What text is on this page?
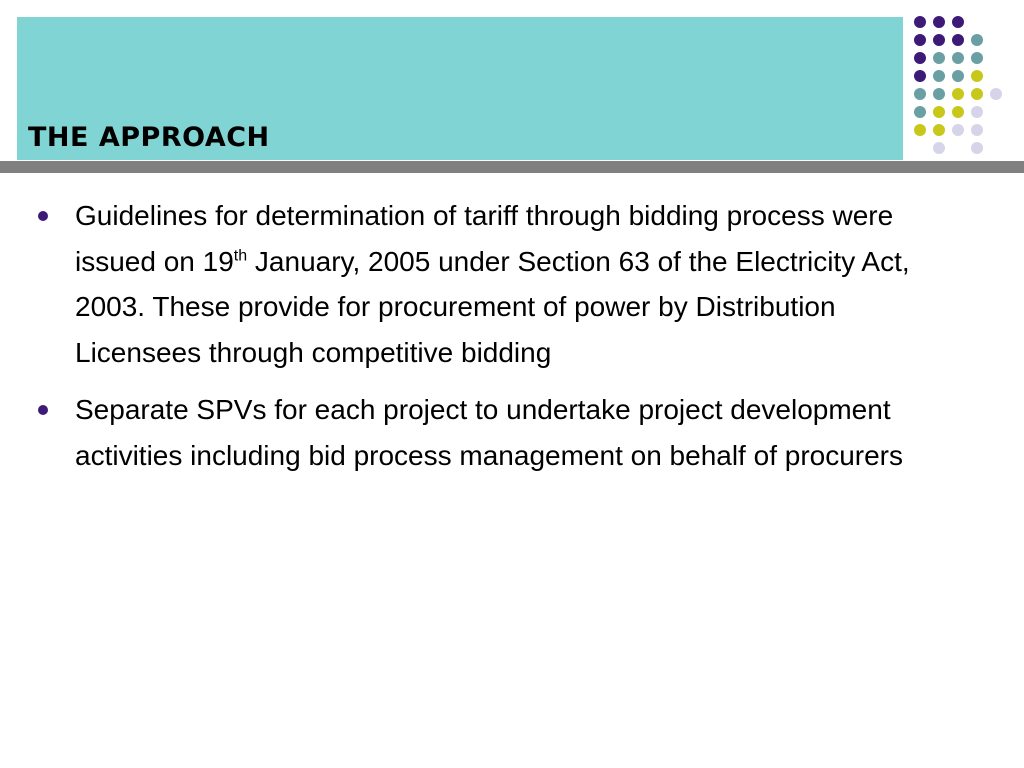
THE APPROACH
Guidelines for determination of tariff through bidding process were issued on 19th January, 2005 under Section 63 of the Electricity Act, 2003. These provide for procurement of power by Distribution Licensees through competitive bidding
Separate SPVs for each project to undertake project development activities including bid process management on behalf of procurers
